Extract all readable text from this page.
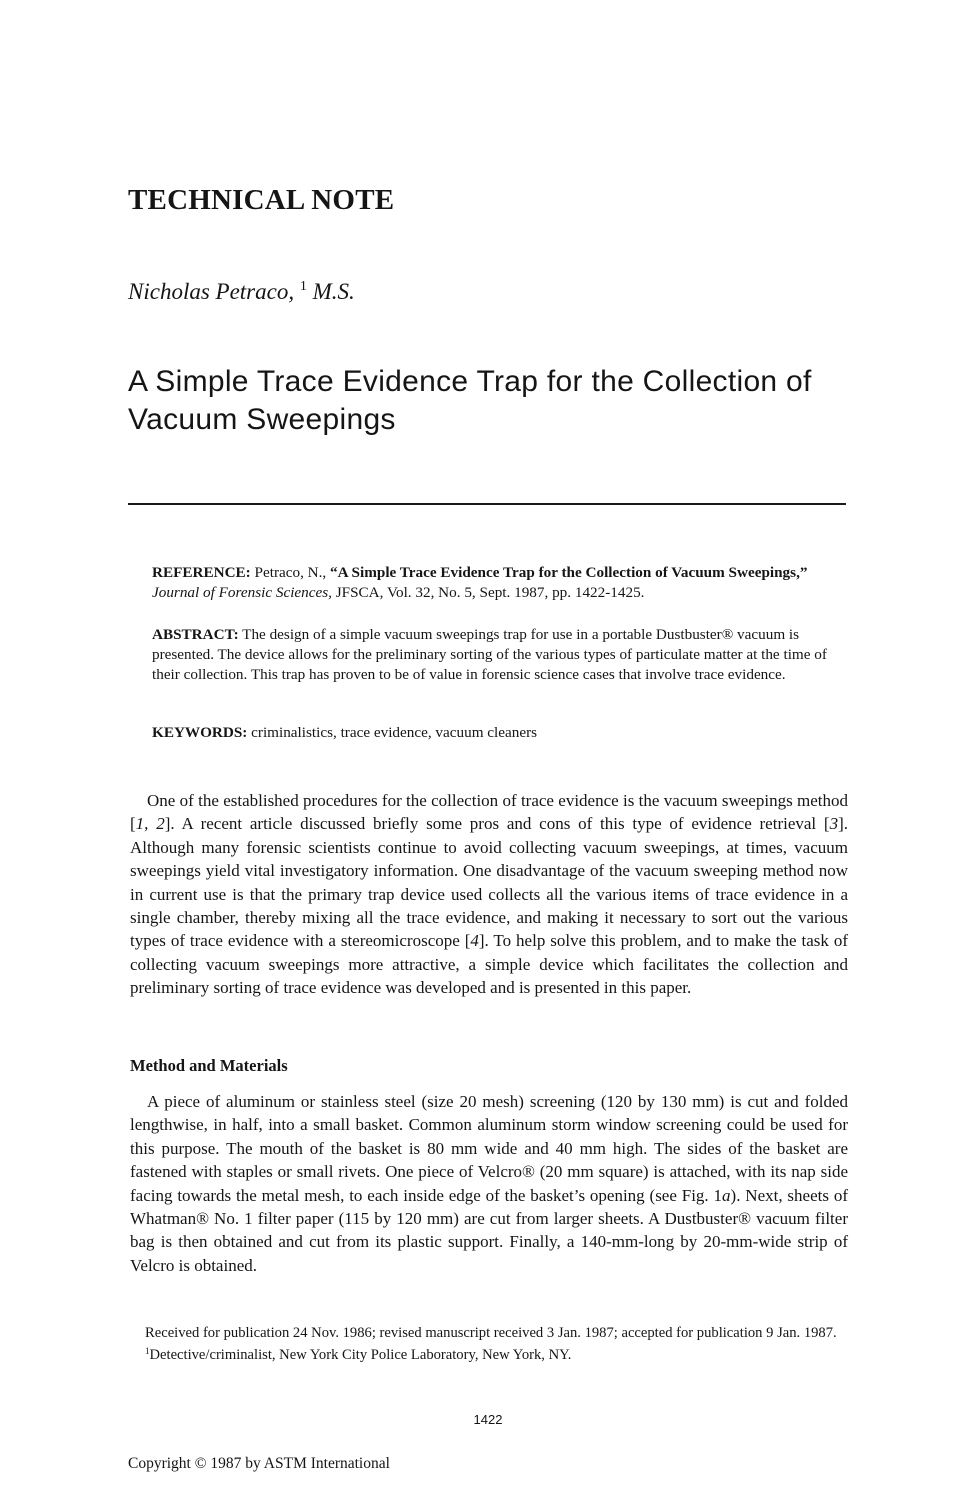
TECHNICAL NOTE
Nicholas Petraco, $^1$ M.S.
A Simple Trace Evidence Trap for the Collection of
Vacuum Sweepings

REFERENCE: Petraco, N., “A Simple Trace Evidence Trap for the Collection of Vacuum Sweepings,” Journal of Forensic Sciences, JFSCA, Vol. 32, No. 5, Sept. 1987, pp. 1422-1425.

ABSTRACT: The design of a simple vacuum sweepings trap for use in a portable Dustbuster® vacuum is presented. The device allows for the preliminary sorting of the various types of particulate matter at the time of their collection. This trap has proven to be of value in forensic science cases that involve trace evidence.

KEYWORDS: criminalistics, trace evidence, vacuum cleaners

One of the established procedures for the collection of trace evidence is the vacuum sweepings method [1, 2]. A recent article discussed briefly some pros and cons of this type of evidence retrieval [3]. Although many forensic scientists continue to avoid collecting vacuum sweepings, at times, vacuum sweepings yield vital investigatory information. One disadvantage of the vacuum sweeping method now in current use is that the primary trap device used collects all the various items of trace evidence in a single chamber, thereby mixing all the trace evidence, and making it necessary to sort out the various types of trace evidence with a stereomicroscope [4]. To help solve this problem, and to make the task of collecting vacuum sweepings more attractive, a simple device which facilitates the collection and preliminary sorting of trace evidence was developed and is presented in this paper.

Method and Materials

A piece of aluminum or stainless steel (size 20 mesh) screening (120 by 130 mm) is cut and folded lengthwise, in half, into a small basket. Common aluminum storm window screening could be used for this purpose. The mouth of the basket is 80 mm wide and 40 mm high. The sides of the basket are fastened with staples or small rivets. One piece of Velcro® (20 mm square) is attached, with its nap side facing towards the metal mesh, to each inside edge of the basket’s opening (see Fig. 1a). Next, sheets of Whatman® No. 1 filter paper (115 by 120 mm) are cut from larger sheets. A Dustbuster® vacuum filter bag is then obtained and cut from its plastic support. Finally, a 140-mm-long by 20-mm-wide strip of Velcro is obtained.

Received for publication 24 Nov. 1986; revised manuscript received 3 Jan. 1987; accepted for publication 9 Jan. 1987.

$^1$Detective/criminalist, New York City Police Laboratory, New York, NY.

1422
Copyright © 1987 by ASTM International
